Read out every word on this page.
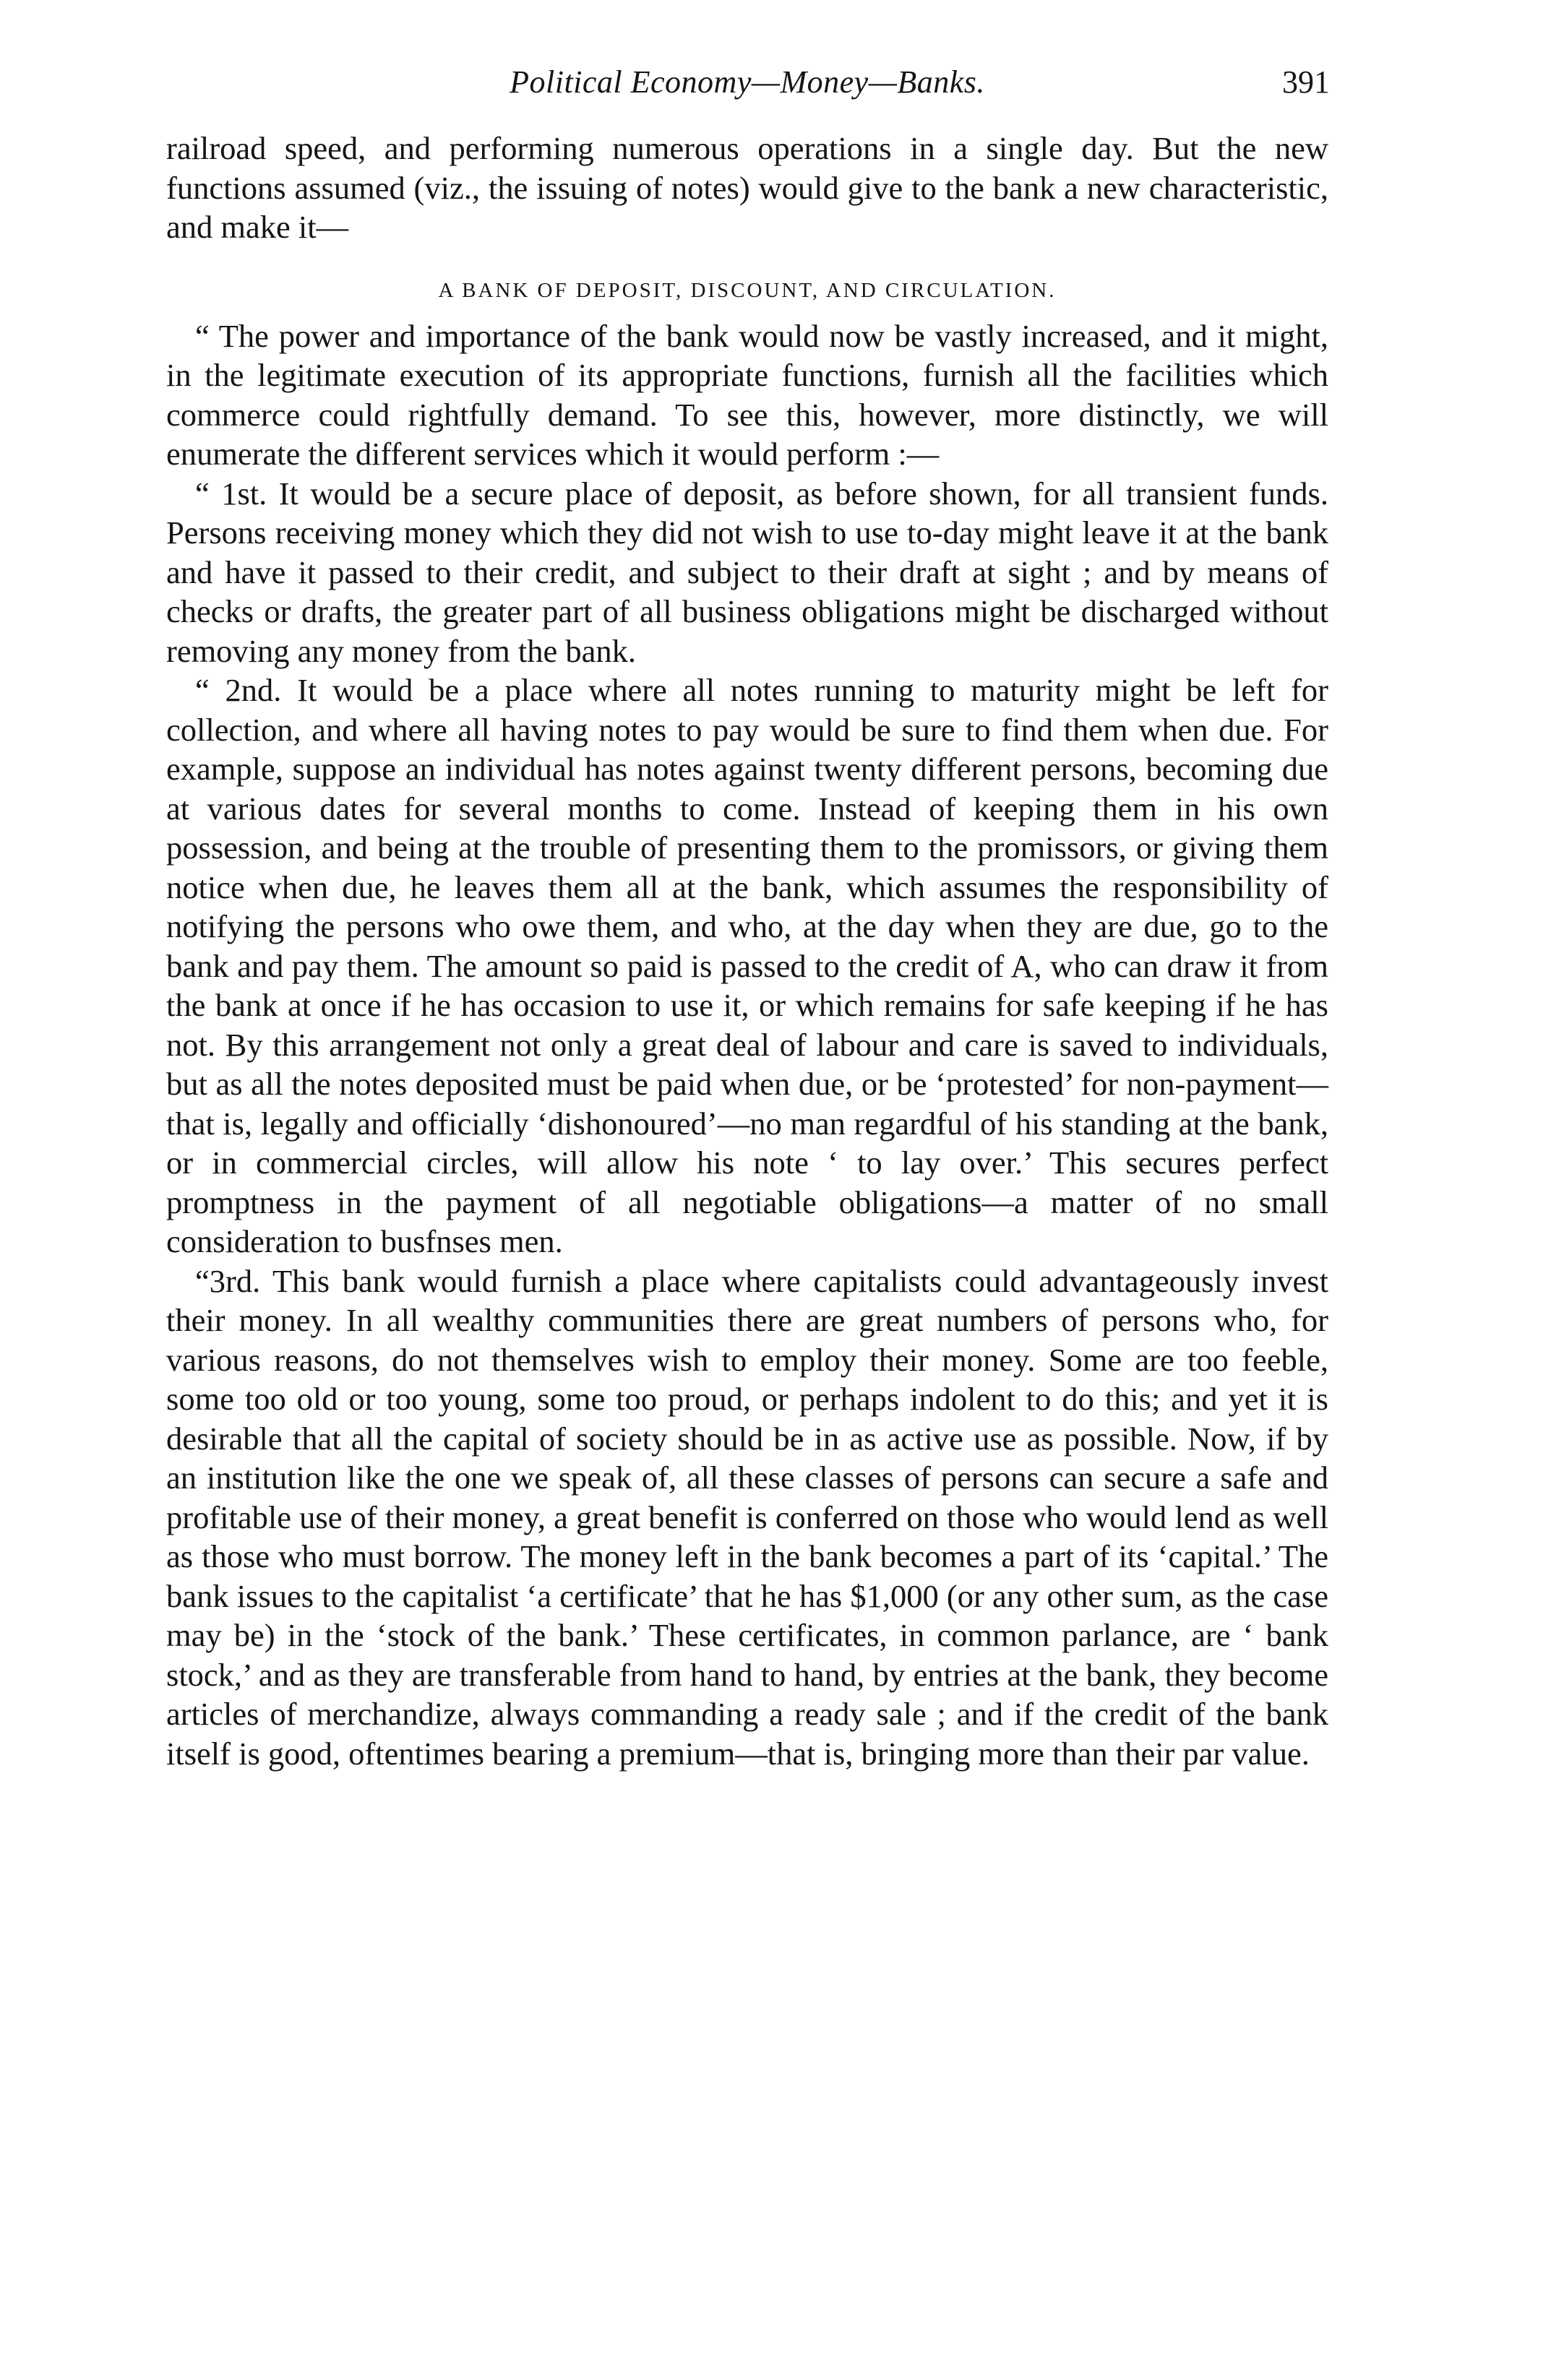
Political Economy—Money—Banks.	391

railroad speed, and performing numerous operations in a single day. But the new functions assumed (viz., the issuing of notes) would give to the bank a new characteristic, and make it—

A BANK OF DEPOSIT, DISCOUNT, AND CIRCULATION.

“ The power and importance of the bank would now be vastly increased, and it might, in the legitimate execution of its appropriate functions, furnish all the facilities which commerce could rightfully demand. To see this, however, more distinctly, we will enumerate the different services which it would perform :—

“ 1st. It would be a secure place of deposit, as before shown, for all transient funds. Persons receiving money which they did not wish to use to-day might leave it at the bank and have it passed to their credit, and subject to their draft at sight ; and by means of checks or drafts, the greater part of all business obligations might be discharged without removing any money from the bank.

“ 2nd. It would be a place where all notes running to maturity might be left for collection, and where all having notes to pay would be sure to find them when due. For example, suppose an individual has notes against twenty different persons, becoming due at various dates for several months to come. Instead of keeping them in his own possession, and being at the trouble of presenting them to the promissors, or giving them notice when due, he leaves them all at the bank, which assumes the responsibility of notifying the persons who owe them, and who, at the day when they are due, go to the bank and pay them. The amount so paid is passed to the credit of A, who can draw it from the bank at once if he has occasion to use it, or which remains for safe keeping if he has not. By this arrangement not only a great deal of labour and care is saved to individuals, but as all the notes deposited must be paid when due, or be ‘protested’ for non-payment—that is, legally and officially ‘dishonoured’—no man regardful of his standing at the bank, or in commercial circles, will allow his note ‘ to lay over.’ This secures perfect promptness in the payment of all negotiable obligations—a matter of no small consideration to busfnses men.

“3rd. This bank would furnish a place where capitalists could advantageously invest their money. In all wealthy communities there are great numbers of persons who, for various reasons, do not themselves wish to employ their money. Some are too feeble, some too old or too young, some too proud, or perhaps indolent to do this; and yet it is desirable that all the capital of society should be in as active use as possible. Now, if by an institution like the one we speak of, all these classes of persons can secure a safe and profitable use of their money, a great benefit is conferred on those who would lend as well as those who must borrow. The money left in the bank becomes a part of its ‘capital.’ The bank issues to the capitalist ‘a certificate’ that he has $1,000 (or any other sum, as the case may be) in the ‘stock of the bank.’ These certificates, in common parlance, are ‘ bank stock,’ and as they are transferable from hand to hand, by entries at the bank, they become articles of merchandize, always commanding a ready sale ; and if the credit of the bank itself is good, oftentimes bearing a premium—that is, bringing more than their par value.
